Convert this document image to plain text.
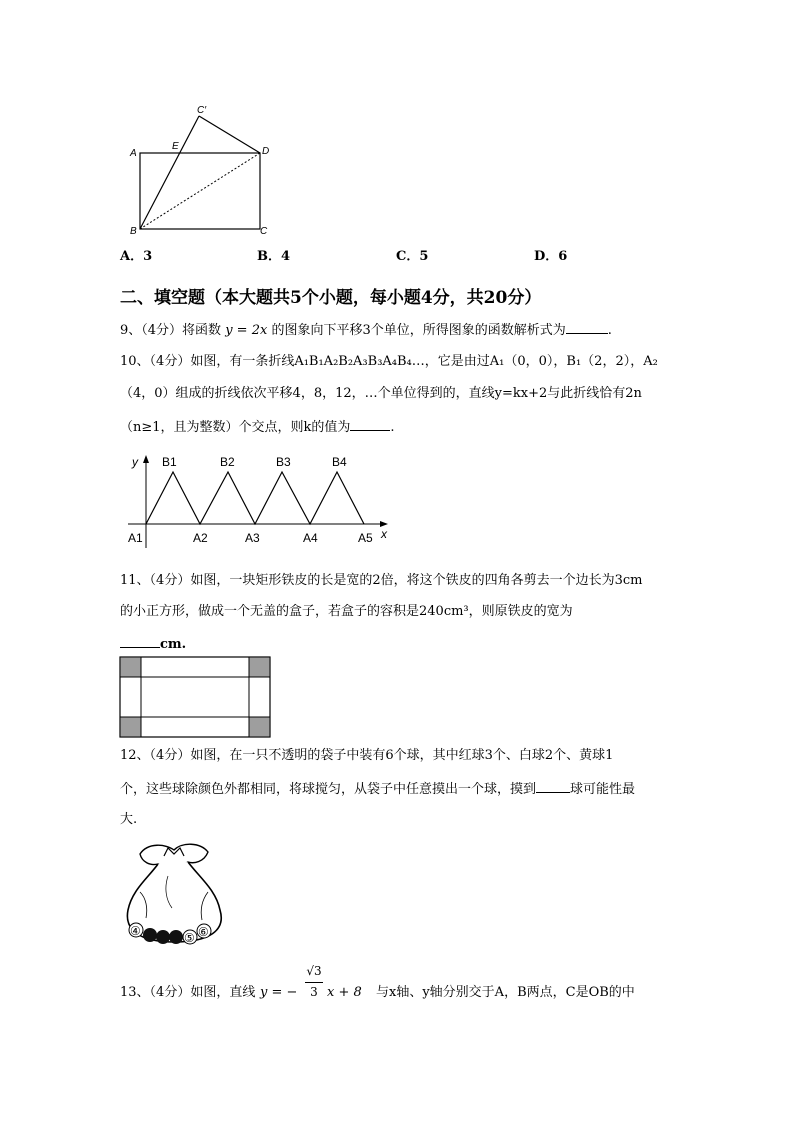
C′
E
A	D
B	C
A．3	B．4	C．5	D．6
二、填空题（本大题共5个小题，每小题4分，共20分）
9、（4分）将函数 y = 2x 的图象向下平移3个单位，所得图象的函数解析式为	.
10、（4分）如图，有一条折线A₁B₁A₂B₂A₃B₃A₄B₄…，它是由过A₁（0，0），B₁（2，2），A₂
（4，0）组成的折线依次平移4，8，12，…个单位得到的，直线y=kx+2与此折线恰有2n
（n≥1，且为整数）个交点，则k的值为	.
y
x
B1	B2	B3	B4
A1	A2	A3	A4	A5
11、（4分）如图，一块矩形铁皮的长是宽的2倍，将这个铁皮的四角各剪去一个边长为3cm
的小正方形，做成一个无盖的盒子，若盒子的容积是240cm³，则原铁皮的宽为
cm.
12、（4分）如图，在一只不透明的袋子中装有6个球，其中红球3个、白球2个、黄球1
个，这些球除颜色外都相同，将球搅匀，从袋子中任意摸出一个球，摸到	球可能性最
大.
④	⑤ ⑥
13、（4分）如图，直线 y = −
√3
3 x + 8 与x轴、y轴分别交于A，B两点，C是OB的中
